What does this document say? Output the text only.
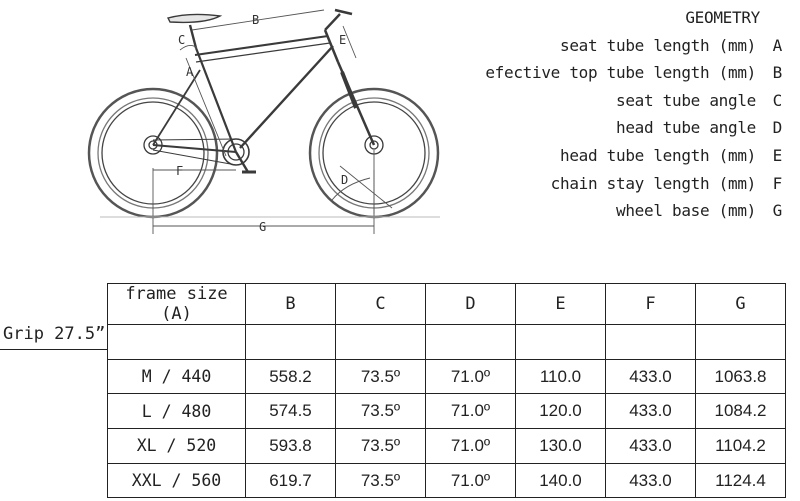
B
C
A
E
D
F
G
GEOMETRY
seat tube length (mm) A
efective top tube length (mm) B
seat tube angle C
head tube angle D
head tube length (mm) E
chain stay length (mm) F
wheel base (mm) G
Grip 27.5”
frame size (A)	B	C	D	E	F	G

M / 440	558.2	73.5º	71.0º	110.0	433.0	1063.8
L / 480	574.5	73.5º	71.0º	120.0	433.0	1084.2
XL / 520	593.8	73.5º	71.0º	130.0	433.0	1104.2
XXL / 560	619.7	73.5º	71.0º	140.0	433.0	1124.4
